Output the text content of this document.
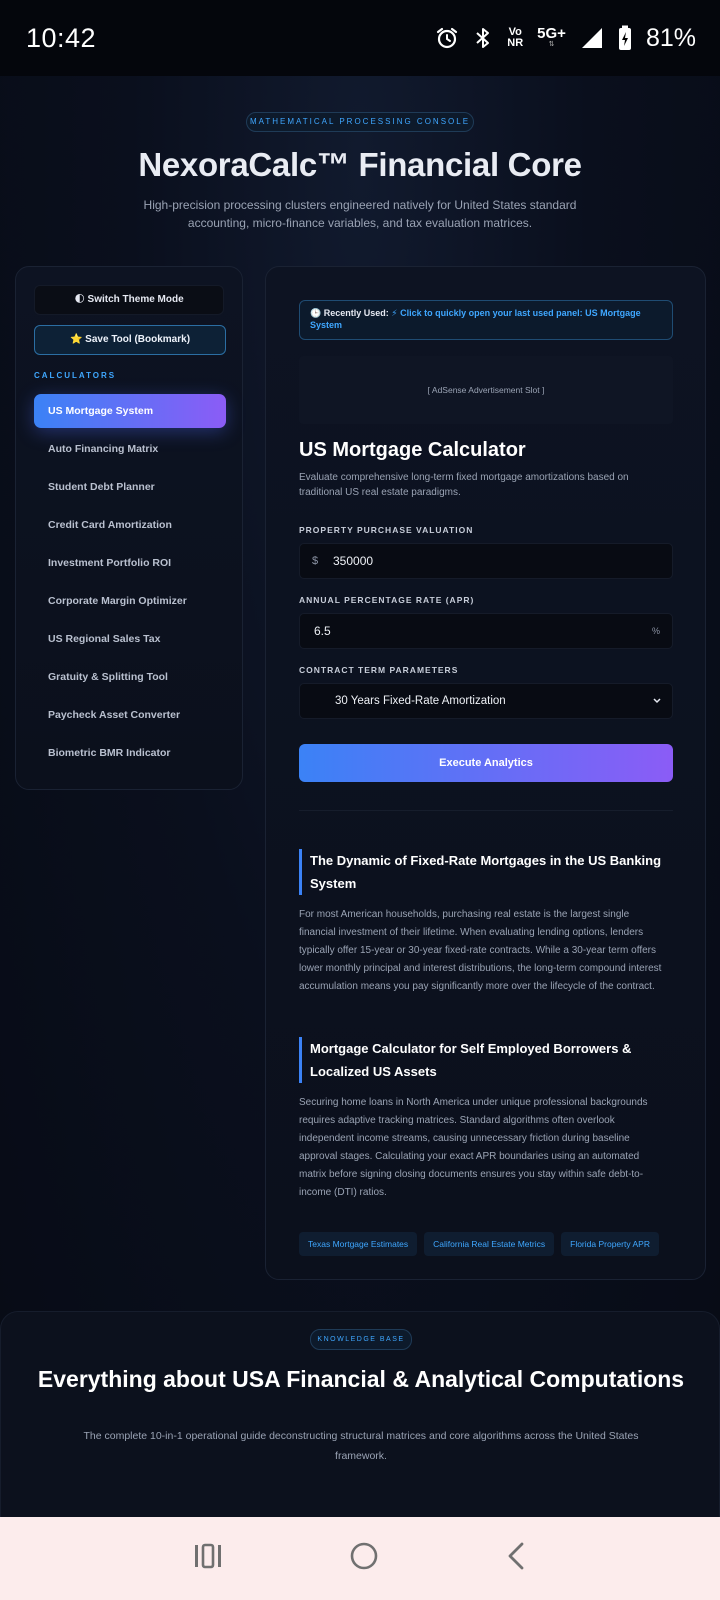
10:42	Vo
NR
5G+
⇅	81%
MATHEMATICAL PROCESSING CONSOLE
NexoraCalc™ Financial Core
High-precision processing clusters engineered natively for United States standard accounting, micro-finance variables, and tax evaluation matrices.
🌓 Switch Theme Mode
⭐ Save Tool (Bookmark)
CALCULATORS
US Mortgage System
Auto Financing Matrix
Student Debt Planner
Credit Card Amortization
Investment Portfolio ROI
Corporate Margin Optimizer
US Regional Sales Tax
Gratuity & Splitting Tool
Paycheck Asset Converter
Biometric BMR Indicator
🕒 Recently Used: ⚡ Click to quickly open your last used panel: US Mortgage System
[ AdSense Advertisement Slot ]
US Mortgage Calculator
Evaluate comprehensive long-term fixed mortgage amortizations based on traditional US real estate paradigms.
PROPERTY PURCHASE VALUATION
$ 350000
ANNUAL PERCENTAGE RATE (APR)
6.5	%
CONTRACT TERM PARAMETERS
30 Years Fixed-Rate Amortization
Execute Analytics
The Dynamic of Fixed-Rate Mortgages in the US Banking System
For most American households, purchasing real estate is the largest single financial investment of their lifetime. When evaluating lending options, lenders typically offer 15-year or 30-year fixed-rate contracts. While a 30-year term offers lower monthly principal and interest distributions, the long-term compound interest accumulation means you pay significantly more over the lifecycle of the contract.
Mortgage Calculator for Self Employed Borrowers & Localized US Assets
Securing home loans in North America under unique professional backgrounds requires adaptive tracking matrices. Standard algorithms often overlook independent income streams, causing unnecessary friction during baseline approval stages. Calculating your exact APR boundaries using an automated matrix before signing closing documents ensures you stay within safe debt-to-income (DTI) ratios.
Texas Mortgage Estimates	California Real Estate Metrics	Florida Property APR
KNOWLEDGE BASE
Everything about USA Financial & Analytical Computations
The complete 10-in-1 operational guide deconstructing structural matrices and core algorithms across the United States framework.
